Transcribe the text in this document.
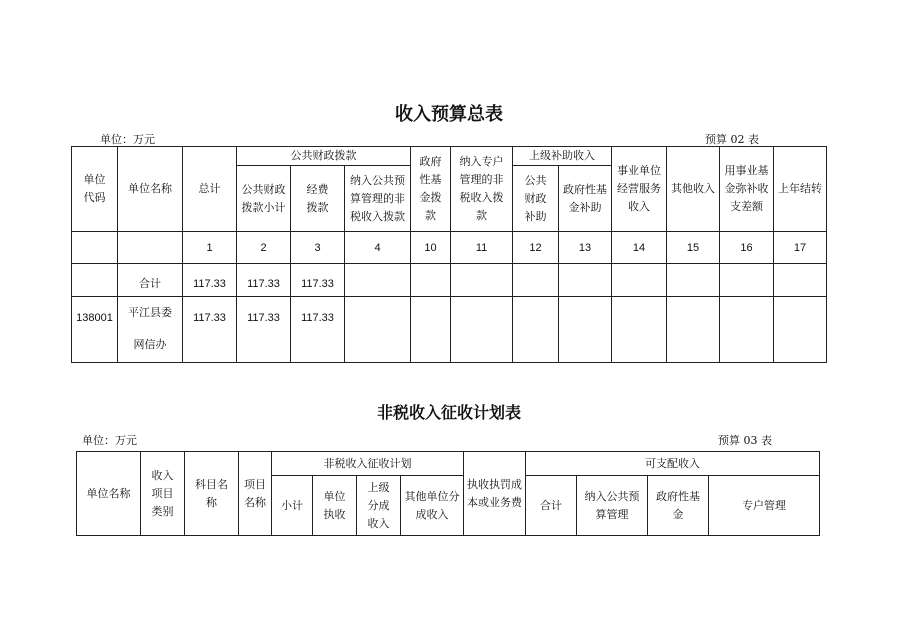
收入预算总表
单位：万元	预算 02 表
单位代码	单位名称	总计	公共财政拨款			政府性基金拨款	纳入专户管理的非税收入拨款	上级补助收入		事业单位经营服务收入	其他收入	用事业基金弥补收支差额	上年结转

			公共财政拨款小计	经费拨款	纳入公共预算管理的非税收入拨款			公共财政补助	政府性基金补助				

		1	2	3	4	10	11	12	13	14	15	16	17
	合计	117.33	117.33	117.33									
138001	平江县委网信办	117.33	117.33	117.33									
非税收入征收计划表
单位：万元	预算 03 表
单位名称	收入项目类别	科目名称	项目名称	非税收入征收计划				执收执罚成本或业务费	可支配收入			
				小计	单位执收	上级分成收入	其他单位分成收入		合计	纳入公共预算管理	政府性基金	专户管理
